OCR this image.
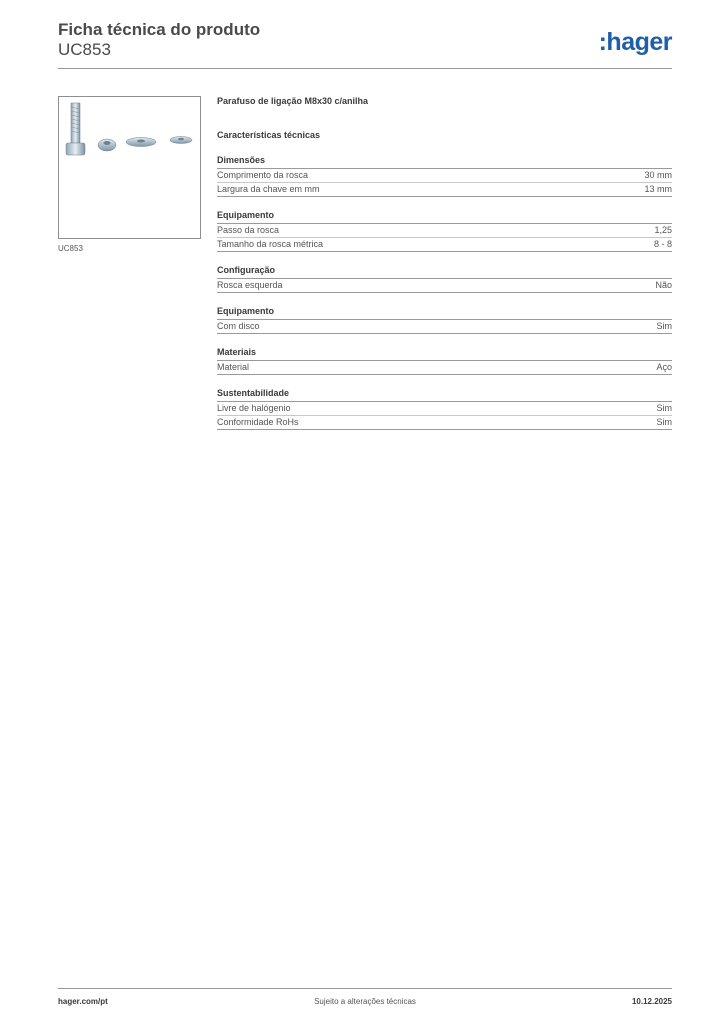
Ficha técnica do produto
UC853	:hager
UC853
Parafuso de ligação M8x30 c/anilha
Características técnicas
Dimensões
Comprimento da rosca	30 mm
Largura da chave em mm	13 mm
Equipamento
Passo da rosca	1,25
Tamanho da rosca métrica	8 - 8
Configuração
Rosca esquerda	Não
Equipamento
Com disco	Sim
Materiais
Material	Aço
Sustentabilidade
Livre de halógenio	Sim
Conformidade RoHs	Sim
hager.com/pt	Sujeito a alterações técnicas	10.12.2025
